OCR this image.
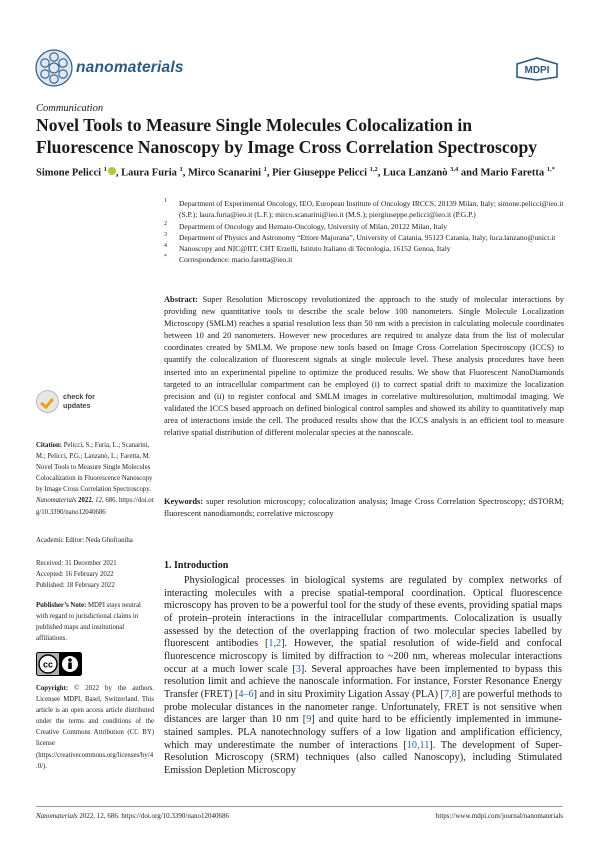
nanomaterials	MDPI
Communication
Novel Tools to Measure Single Molecules Colocalization in Fluorescence Nanoscopy by Image Cross Correlation Spectroscopy
Simone Pelicci $^1$ , Laura Furia $^1$, Mirco Scanarini $^1$, Pier Giuseppe Pelicci $^{1,2}$, Luca Lanzanò $^{3,4}$ and Mario Faretta $^{1,*}$
1	Department of Experimental Oncology, IEO, European Institute of Oncology IRCCS, 20139 Milan, Italy; simone.pelicci@ieo.it (S.P.); laura.furia@ieo.it (L.F.); mirco.scanarini@ieo.it (M.S.); piergiuseppe.pelicci@ieo.it (P.G.P.)
2	Department of Oncology and Hemato-Oncology, University of Milan, 20122 Milan, Italy
3	Department of Physics and Astronomy “Ettore Majorana”, University of Catania, 95123 Catania, Italy; luca.lanzano@unict.it
4	Nanoscopy and NIC@IIT, CHT Erzelli, Istituto Italiano di Tecnologia, 16152 Genoa, Italy
*	Correspondence: mario.faretta@ieo.it

Abstract: Super Resolution Microscopy revolutionized the approach to the study of molecular interactions by providing new quantitative tools to describe the scale below 100 nanometers. Single Molecule Localization Microscopy (SMLM) reaches a spatial resolution less than 50 nm with a precision in calculating molecule coordinates between 10 and 20 nanometers. However new procedures are required to analyze data from the list of molecular coordinates created by SMLM. We propose new tools based on Image Cross Correlation Spectroscopy (ICCS) to quantify the colocalization of fluorescent signals at single molecule level. These analysis procedures have been inserted into an experimental pipeline to optimize the produced results. We show that Fluorescent NanoDiamonds targeted to an intracellular compartment can be employed (i) to correct spatial drift to maximize the localization precision and (ii) to register confocal and SMLM images in correlative multiresolution, multimodal imaging. We validated the ICCS based approach on defined biological control samples and showed its ability to quantitatively map area of interactions inside the cell. The produced results show that the ICCS analysis is an efficient tool to measure relative spatial distribution of different molecular species at the nanoscale.

Keywords: super resolution microscopy; colocalization analysis; Image Cross Correlation Spectroscopy; dSTORM; fluorescent nanodiamonds; correlative microscopy

check for
updates
Citation: Pelicci, S.; Furia, L.; Scanarini, M.; Pelicci, P.G.; Lanzanò, L.; Faretta, M. Novel Tools to Measure Single Molecules Colocalization in Fluorescence Nanoscopy by Image Cross Correlation Spectroscopy. Nanomaterials 2022, 12, 686. https://doi.org/10.3390/nano12040686
Academic Editor: Neda Ghofraniha
Received: 31 December 2021
Accepted: 16 February 2022
Published: 18 February 2022
Publisher’s Note: MDPI stays neutral with regard to jurisdictional claims in published maps and institutional affiliations.
cc
Copyright: © 2022 by the authors. Licensee MDPI, Basel, Switzerland. This article is an open access article distributed under the terms and conditions of the Creative Commons Attribution (CC BY) license (https://creativecommons.org/licenses/by/4.0/).
1. Introduction

Physiological processes in biological systems are regulated by complex networks of interacting molecules with a precise spatial-temporal coordination. Optical fluorescence microscopy has proven to be a powerful tool for the study of these events, providing spatial maps of protein–protein interactions in the intracellular compartments. Colocalization is usually assessed by the detection of the overlapping fraction of two molecular species labelled by fluorescent antibodies [1,2]. However, the spatial resolution of wide-field and confocal fluorescence microscopy is limited by diffraction to ~200 nm, whereas molecular interactions occur at a much lower scale [3]. Several approaches have been implemented to bypass this resolution limit and achieve the nanoscale information. For instance, Forster Resonance Energy Transfer (FRET) [4–6] and in situ Proximity Ligation Assay (PLA) [7,8] are powerful methods to probe molecular distances in the nanometer range. Unfortunately, FRET is not sensitive when distances are larger than 10 nm [9] and quite hard to be efficiently implemented in immune-stained samples. PLA nanotechnology suffers of a low ligation and amplification efficiency, which may underestimate the number of interactions [10,11]. The development of Super-Resolution Microscopy (SRM) techniques (also called Nanoscopy), including Stimulated Emission Depletion Microscopy

Nanomaterials 2022, 12, 686. https://doi.org/10.3390/nano12040686	https://www.mdpi.com/journal/nanomaterials
